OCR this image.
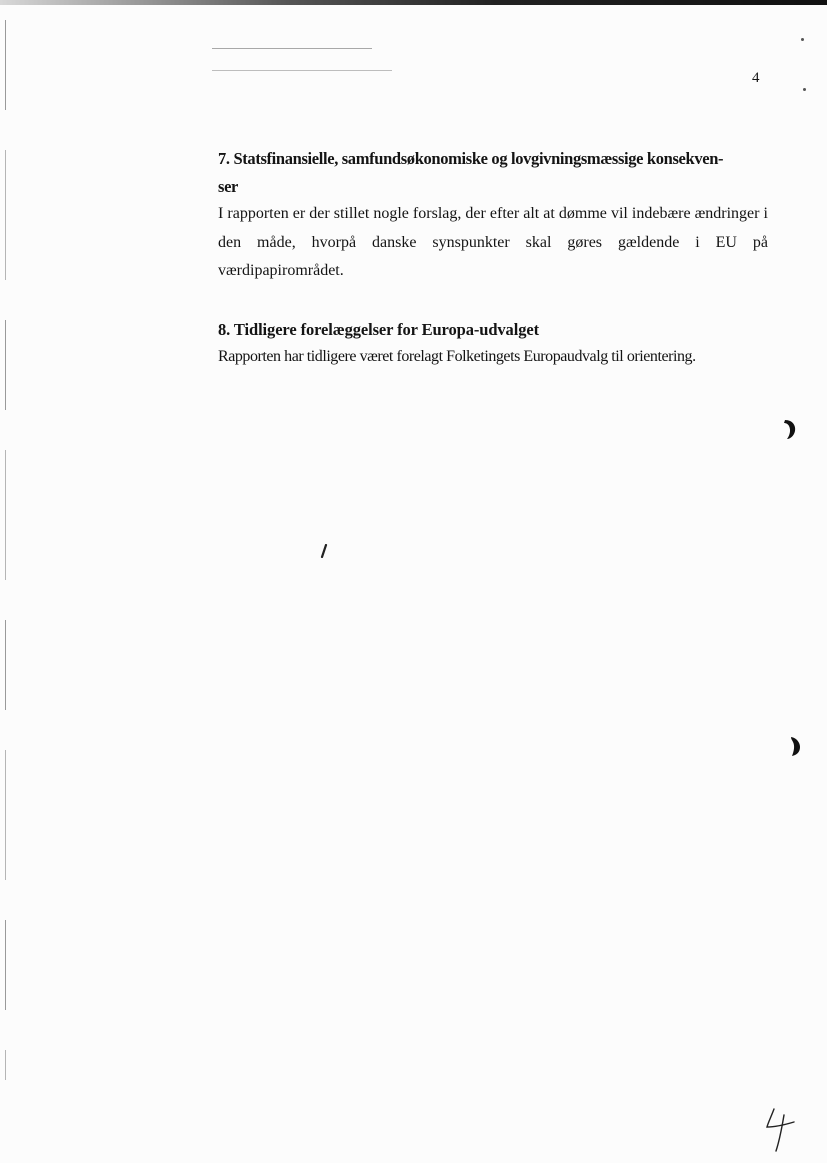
4
7. Statsfinansielle, samfundsøkonomiske og lovgivningsmæssige konsekven-
ser

I rapporten er der stillet nogle forslag, der efter alt at dømme vil indebære ændringer i den måde, hvorpå danske synspunkter skal gøres gældende i EU på værdipapirområdet.

8. Tidligere forelæggelser for Europa-udvalget

Rapporten har tidligere været forelagt Folketingets Europaudvalg til orientering.
